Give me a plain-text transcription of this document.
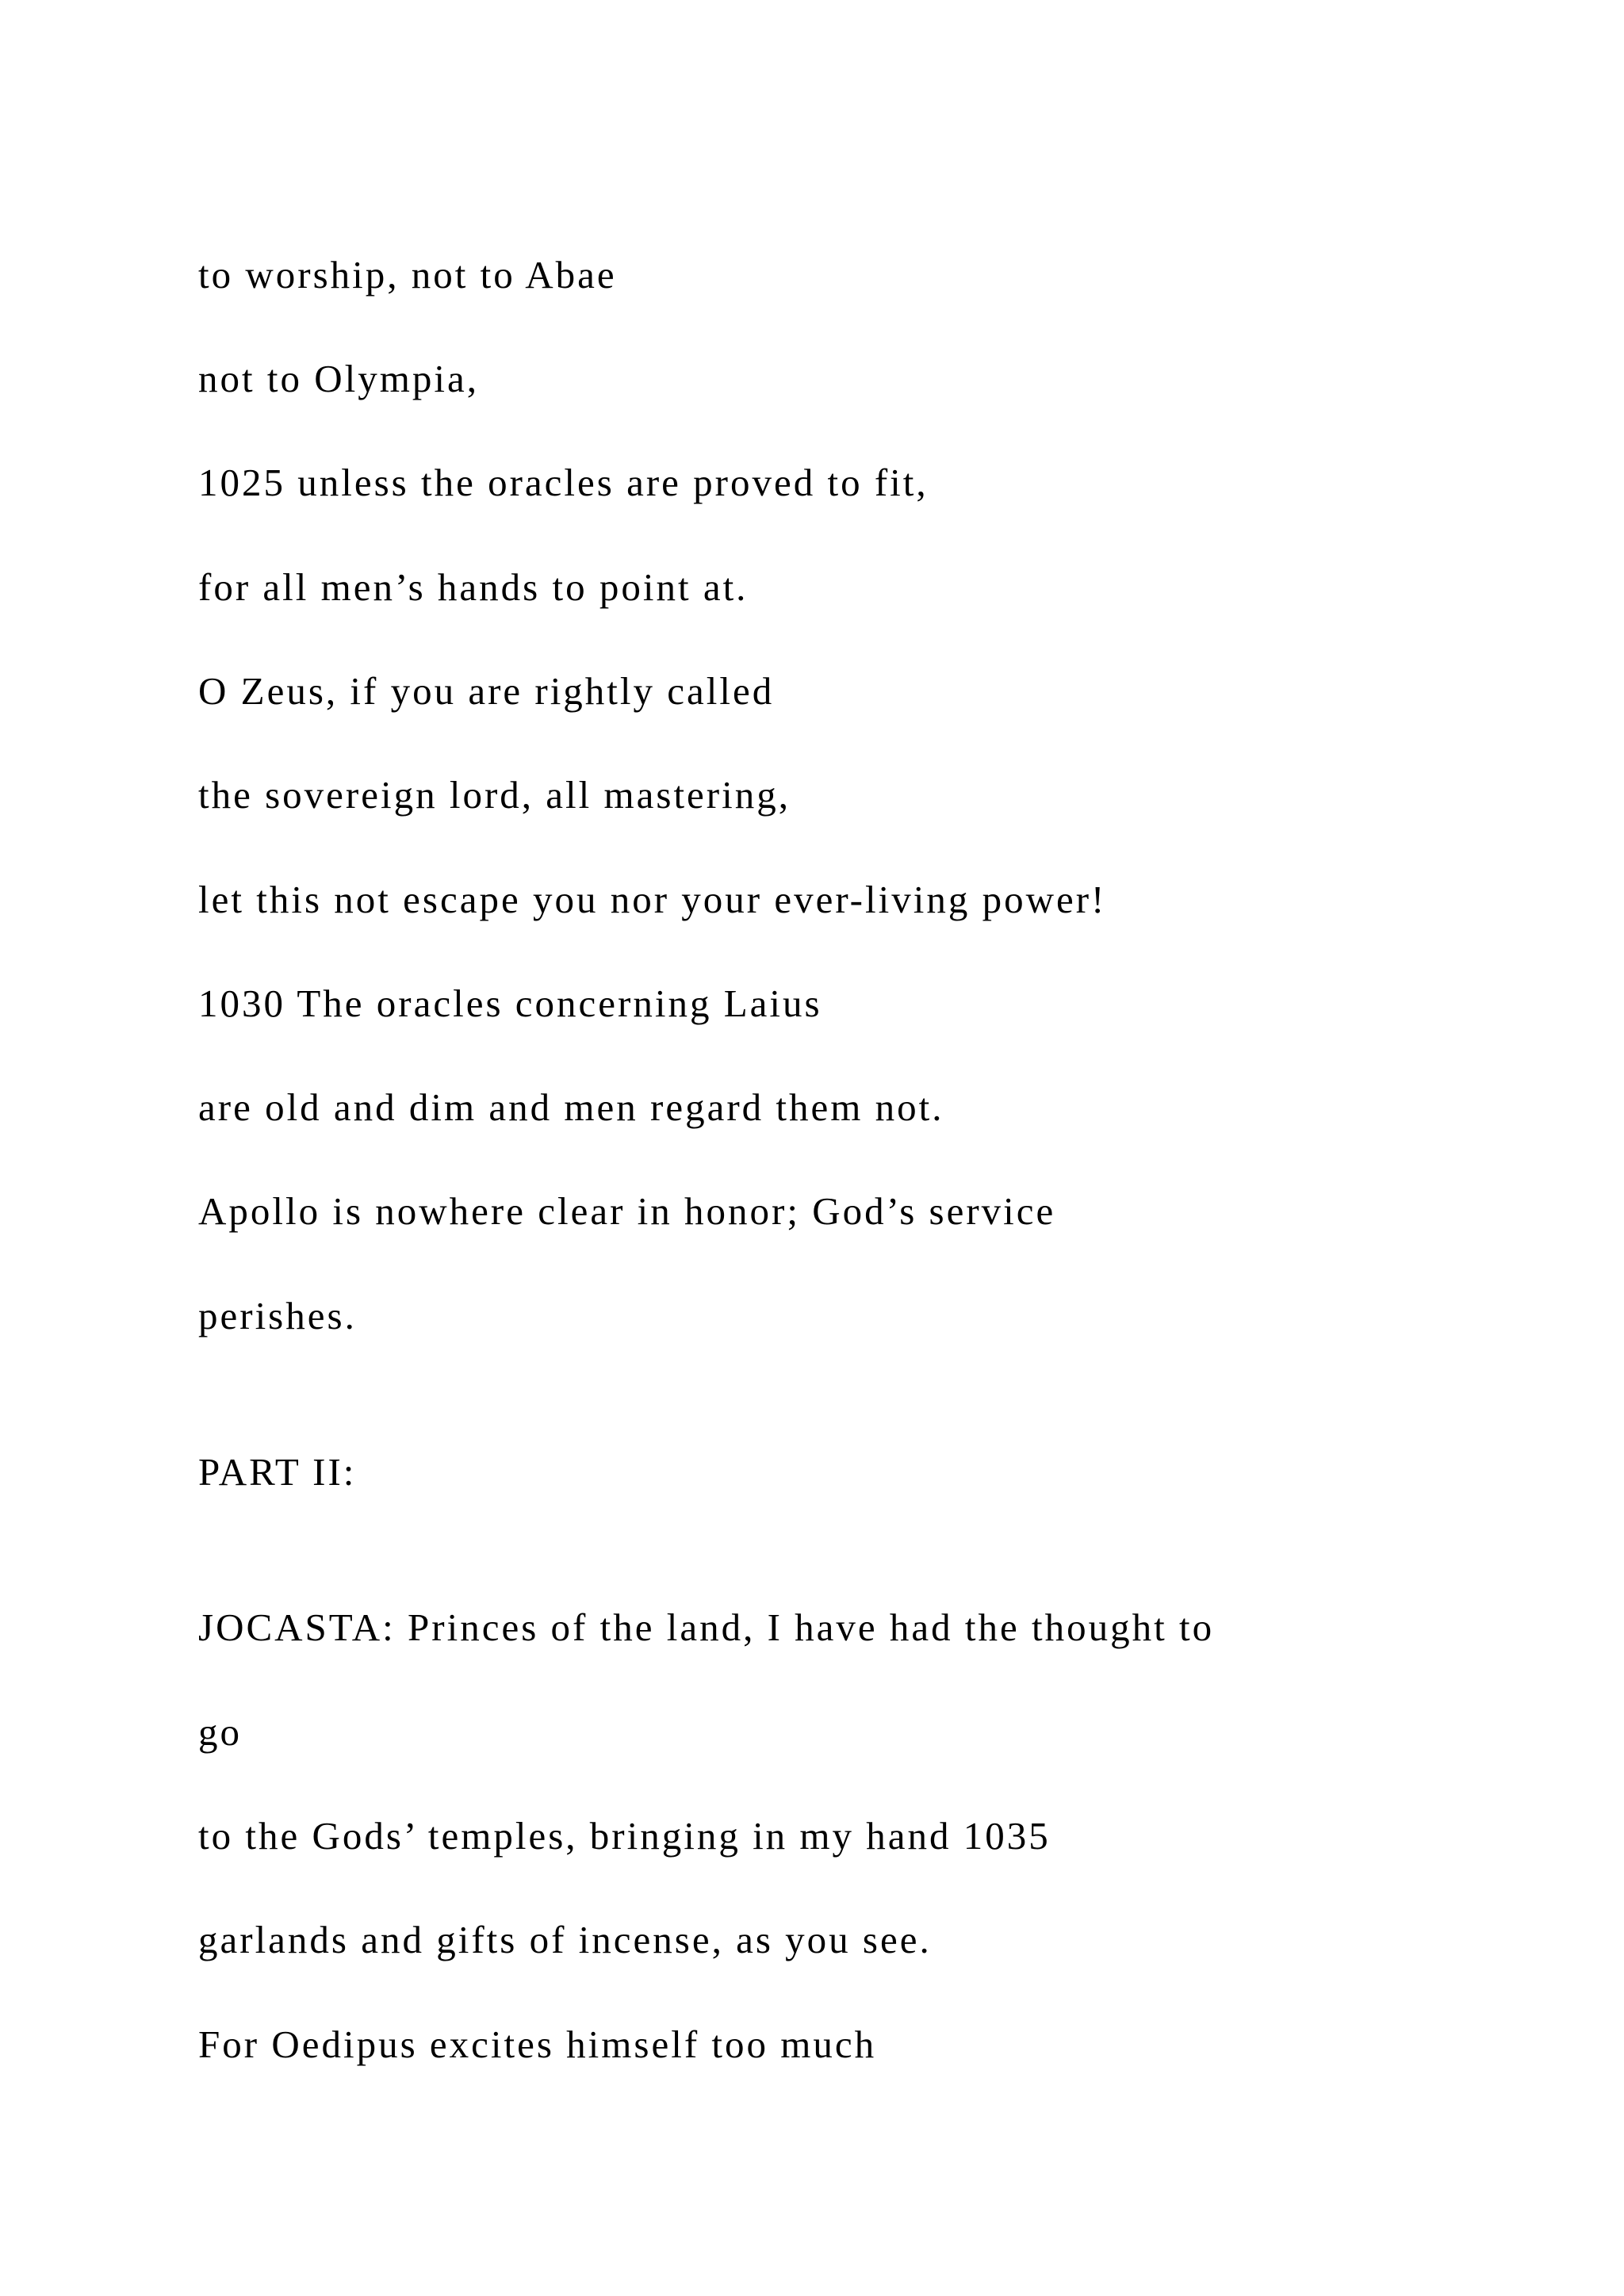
to worship, not to Abae

not to Olympia,

1025 unless the oracles are proved to fit,

for all men’s hands to point at.

O Zeus, if you are rightly called

the sovereign lord, all mastering,

let this not escape you nor your ever-living power!

1030 The oracles concerning Laius

are old and dim and men regard them not.

Apollo is nowhere clear in honor; God’s service

perishes.

PART II:

JOCASTA: Princes of the land, I have had the thought to

go

to the Gods’ temples, bringing in my hand 1035

garlands and gifts of incense, as you see.

For Oedipus excites himself too much
